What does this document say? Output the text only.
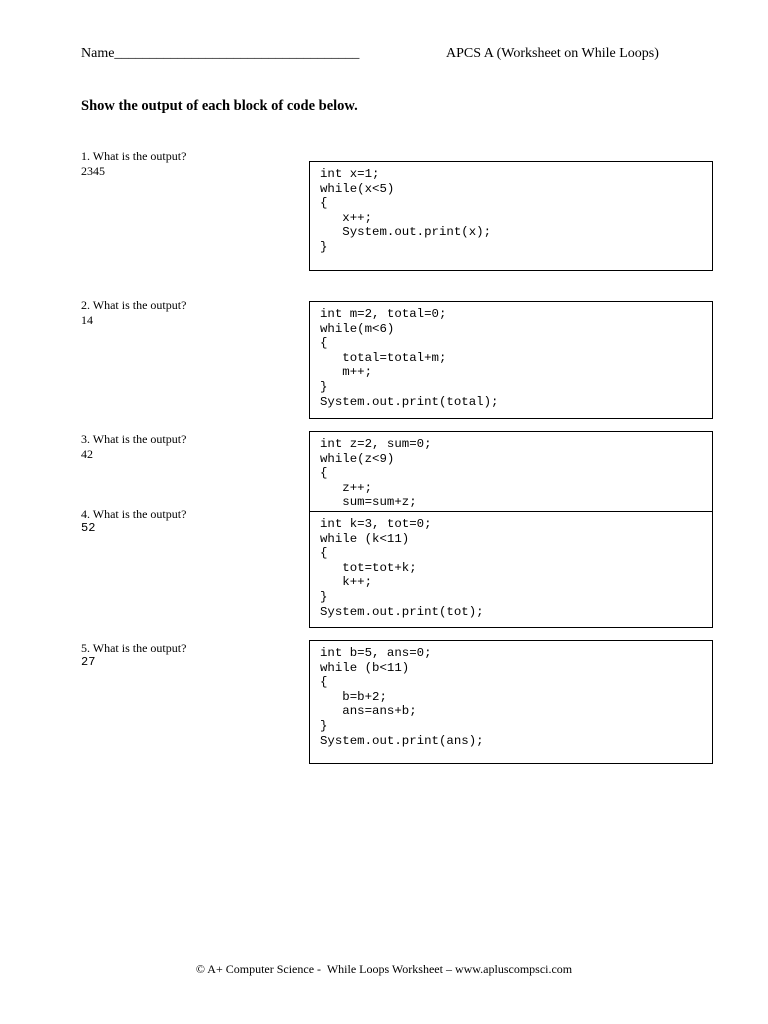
Name___________________________________	APCS A (Worksheet on While Loops)
Show the output of each block of code below.
1. What is the output?
2345	int x=1;
while(x<5)
{
x++;
System.out.print(x);
}
2. What is the output?
14	int m=2, total=0;
while(m<6)
{
total=total+m;
m++;
}
System.out.print(total);
3. What is the output?
42
int z=2, sum=0;
while(z<9)
{
z++;
sum=sum+z;
4. What is the output?
52	int k=3, tot=0;
while (k<11)
{
tot=tot+k;
k++;
}
System.out.print(tot);
5. What is the output?
27
int b=5, ans=0;
while (b<11)
{
b=b+2;
ans=ans+b;
}
System.out.print(ans);
© A+ Computer Science -  While Loops Worksheet – www.apluscompsci.com
